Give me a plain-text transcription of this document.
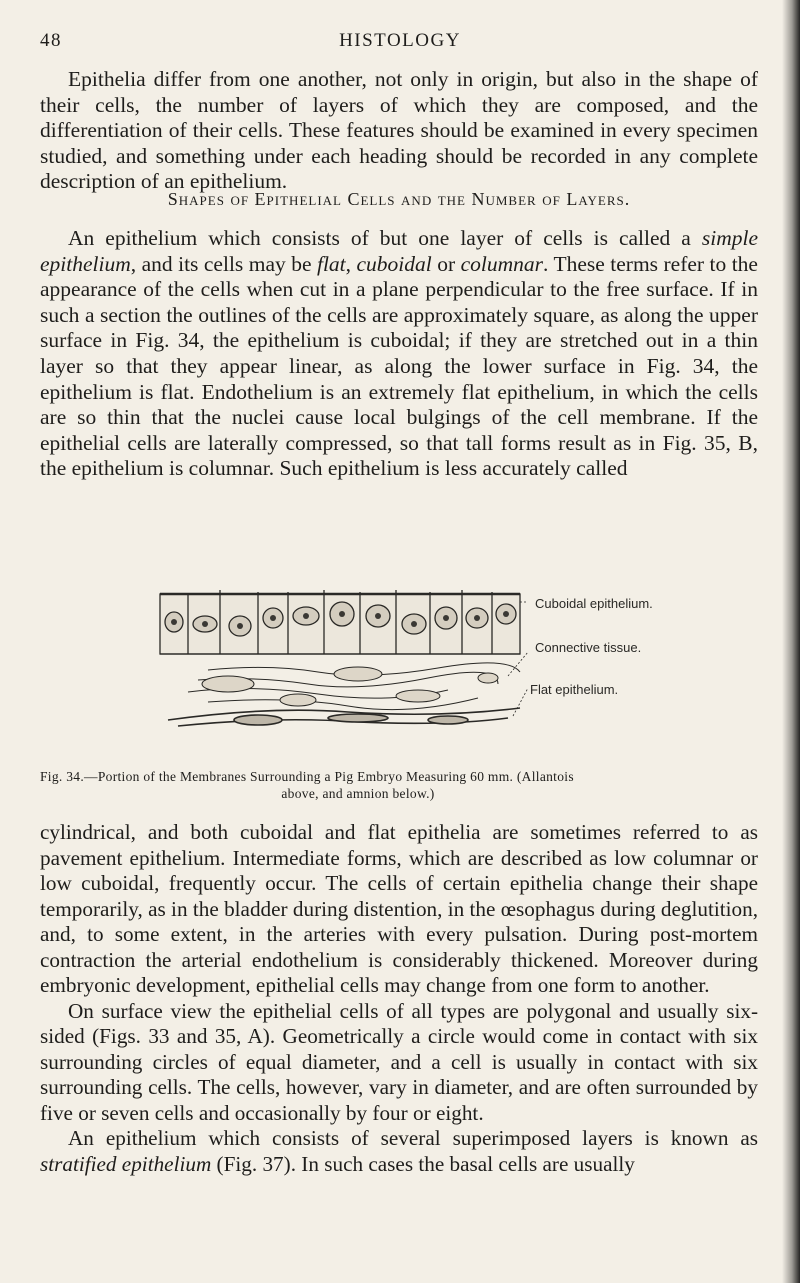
48	HISTOLOGY

Epithelia differ from one another, not only in origin, but also in the shape of their cells, the number of layers of which they are composed, and the differentiation of their cells. These features should be examined in every specimen studied, and something under each heading should be recorded in any complete description of an epithelium.

Shapes of Epithelial Cells and the Number of Layers.

An epithelium which consists of but one layer of cells is called a simple epithelium, and its cells may be flat, cuboidal or columnar. These terms refer to the appearance of the cells when cut in a plane perpendicular to the free surface. If in such a section the outlines of the cells are approximately square, as along the upper surface in Fig. 34, the epithelium is cuboidal; if they are stretched out in a thin layer so that they appear linear, as along the lower surface in Fig. 34, the epithelium is flat. Endothelium is an extremely flat epithelium, in which the cells are so thin that the nuclei cause local bulgings of the cell membrane. If the epithelial cells are laterally compressed, so that tall forms result as in Fig. 35, B, the epithelium is columnar. Such epithelium is less accurately called

Cuboidal epithelium.
Connective tissue.
Flat epithelium.
Fig. 34.—Portion of the Membranes Surrounding a Pig Embryo Measuring 60 mm. (Allantois
above, and amnion below.)

cylindrical, and both cuboidal and flat epithelia are sometimes referred to as pavement epithelium. Intermediate forms, which are described as low columnar or low cuboidal, frequently occur. The cells of certain epithelia change their shape temporarily, as in the bladder during distention, in the œsophagus during deglutition, and, to some extent, in the arteries with every pulsation. During post-mortem contraction the arterial endothelium is considerably thickened. Moreover during embryonic development, epithelial cells may change from one form to another.

On surface view the epithelial cells of all types are polygonal and usually six-sided (Figs. 33 and 35, A). Geometrically a circle would come in contact with six surrounding circles of equal diameter, and a cell is usually in contact with six surrounding cells. The cells, however, vary in diameter, and are often surrounded by five or seven cells and occasionally by four or eight.

An epithelium which consists of several superimposed layers is known as stratified epithelium (Fig. 37). In such cases the basal cells are usually
